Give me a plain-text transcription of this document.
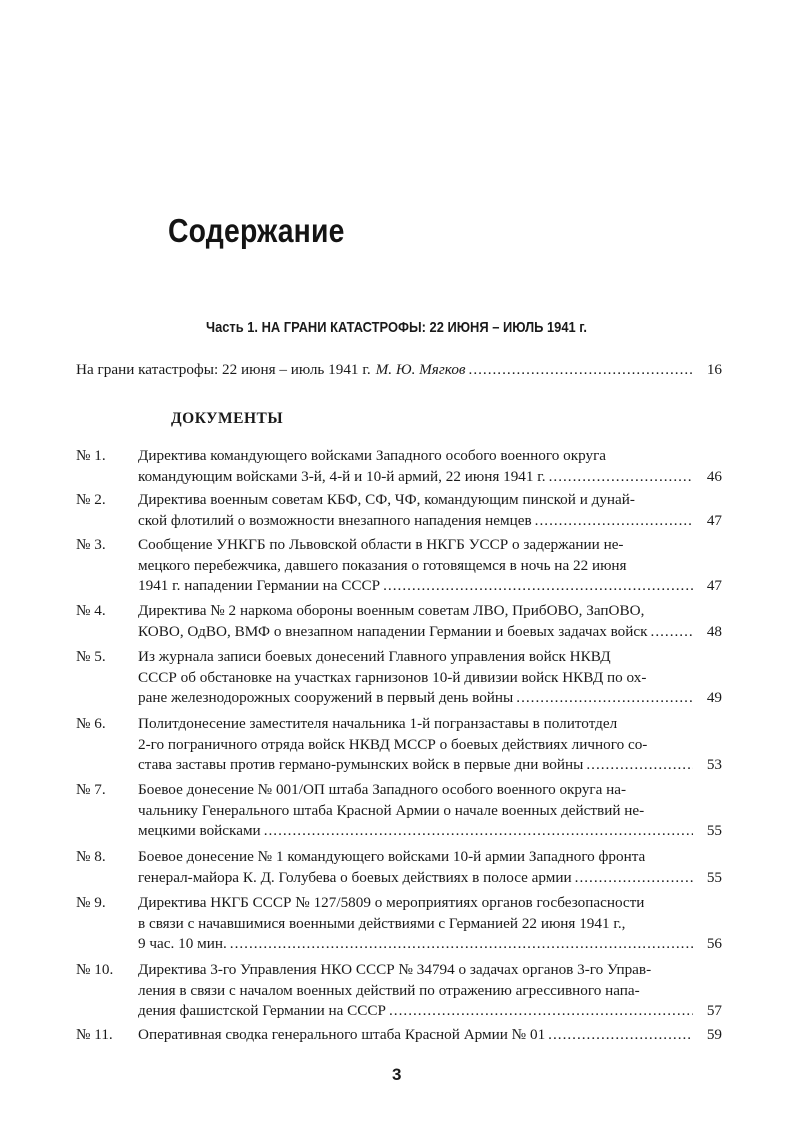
Содержание
Часть 1. НА ГРАНИ КАТАСТРОФЫ: 22 ИЮНЯ – ИЮЛЬ 1941 г.
На грани катастрофы: 22 июня – июль 1941 г. М. Ю. Мягков .....	16
ДОКУМЕНТЫ
№ 1. Директива командующего войсками Западного особого военного округа
командующим войсками 3-й, 4-й и 10-й армий, 22 июня 1941 г. .....	46
№ 2. Директива военным советам КБФ, СФ, ЧФ, командующим пинской и дунай-
ской флотилий о возможности внезапного нападения немцев .....	47
№ 3. Сообщение УНКГБ по Львовской области в НКГБ УССР о задержании не-
мецкого перебежчика, давшего показания о готовящемся в ночь на 22 июня
1941 г. нападении Германии на СССР .....	47
№ 4. Директива № 2 наркома обороны военным советам ЛВО, ПрибОВО, ЗапОВО,
КОВО, ОдВО, ВМФ о внезапном нападении Германии и боевых задачах войск .....	48
№ 5. Из журнала записи боевых донесений Главного управления войск НКВД
СССР об обстановке на участках гарнизонов 10-й дивизии войск НКВД по ох-
ране железнодорожных сооружений в первый день войны .....	49
№ 6. Политдонесение заместителя начальника 1-й погранзаставы в политотдел
2-го пограничного отряда войск НКВД МССР о боевых действиях личного со-
става заставы против германо-румынских войск в первые дни войны .....	53
№ 7. Боевое донесение № 001/ОП штаба Западного особого военного округа на-
чальнику Генерального штаба Красной Армии о начале военных действий не-
мецкими войсками .....	55
№ 8. Боевое донесение № 1 командующего войсками 10-й армии Западного фронта
генерал-майора К. Д. Голубева о боевых действиях в полосе армии .....	55
№ 9. Директива НКГБ СССР № 127/5809 о мероприятиях органов госбезопасности
в связи с начавшимися военными действиями с Германией 22 июня 1941 г.,
9 час. 10 мин. .....	56
№ 10. Директива 3-го Управления НКО СССР № 34794 о задачах органов 3-го Управ-
ления в связи с началом военных действий по отражению агрессивного напа-
дения фашистской Германии на СССР .....	57
№ 11. Оперативная сводка генерального штаба Красной Армии № 01 .....	59
3
